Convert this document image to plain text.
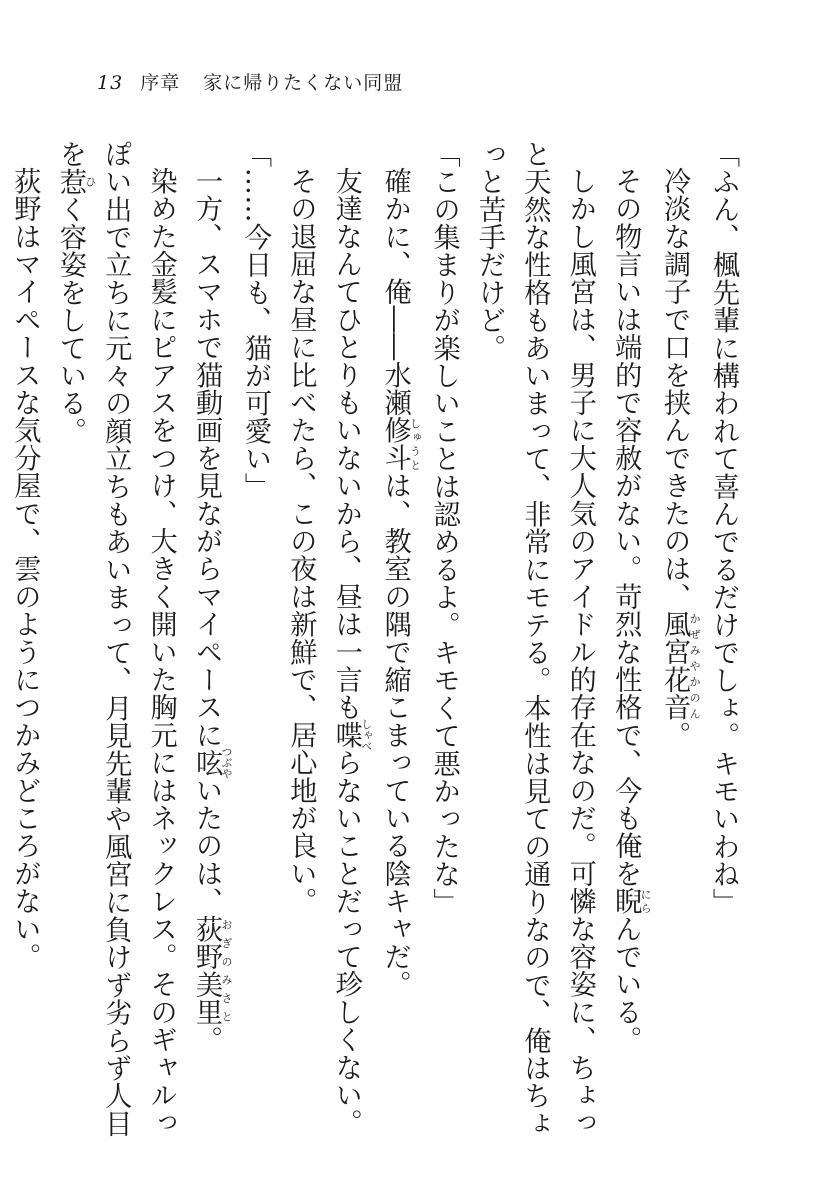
13 序章 家に帰りたくない同盟

「ふん、楓先輩に構われて喜んでるだけでしょ。キモいわね」

冷淡な調子で口を挟んできたのは、風宮花音かぜみやかのん。

その物言いは端的で容赦がない。苛烈な性格で、今も俺を睨にらんでいる。

しかし風宮は、男子に大人気のアイドル的存在なのだ。可憐な容姿に、ちょっと天然な性格もあいまって、非常にモテる。本性は見ての通りなので、俺はちょっと苦手だけど。

「この集まりが楽しいことは認めるよ。キモくて悪かったな」

確かに、俺――水瀬修斗しゅうとは、教室の隅で縮こまっている陰キャだ。

友達なんてひとりもいないから、昼は一言も喋しゃべらないことだって珍しくない。

その退屈な昼に比べたら、この夜は新鮮で、居心地が良い。

「……今日も、猫が可愛い」

一方、スマホで猫動画を見ながらマイペースに呟つぶやいたのは、荻野美里おぎのみさと。

染めた金髪にピアスをつけ、大きく開いた胸元にはネックレス。そのギャルっぽい出で立ちに元々の顔立ちもあいまって、月見先輩や風宮に負けず劣らず人目を惹ひく容姿をしている。

荻野はマイペースな気分屋で、雲のようにつかみどころがない。
